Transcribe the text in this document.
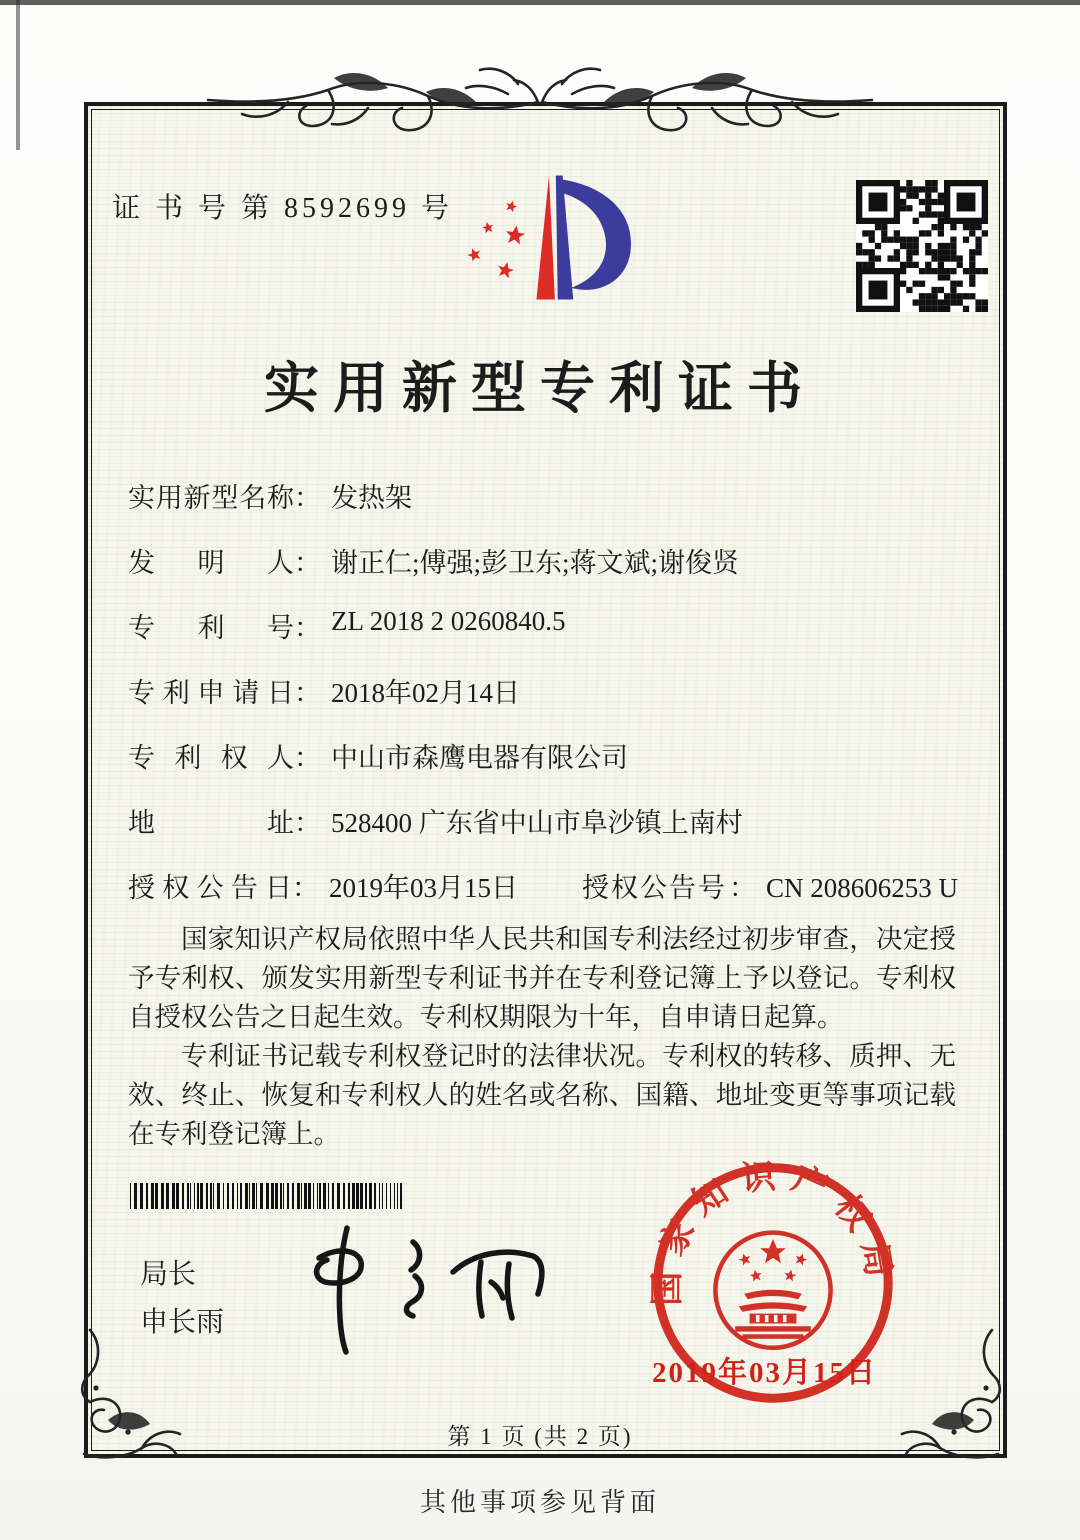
证 书 号 第 8592699 号
实用新型专利证书
实用新型名称 ： 发热架
发明人 ： 谢正仁;傅强;彭卫东;蒋文斌;谢俊贤
专利号 ： ZL 2018 2 0260840.5
专利申请日 ： 2018年02月14日
专利权人 ： 中山市森鹰电器有限公司
地址 ： 528400 广东省中山市阜沙镇上南村
授权公告日 ： 2019年03月15日 授权公告号： CN 208606253 U

国家知识产权局依照中华人民共和国专利法经过初步审查，决定授予专利权、颁发实用新型专利证书并在专利登记簿上予以登记。专利权自授权公告之日起生效。专利权期限为十年，自申请日起算。

专利证书记载专利权登记时的法律状况。专利权的转移、质押、无效、终止、恢复和专利权人的姓名或名称、国籍、地址变更等事项记载在专利登记簿上。

局长
申长雨
国家知识产权局
2019年03月15日
第 1 页 (共 2 页)
其他事项参见背面
